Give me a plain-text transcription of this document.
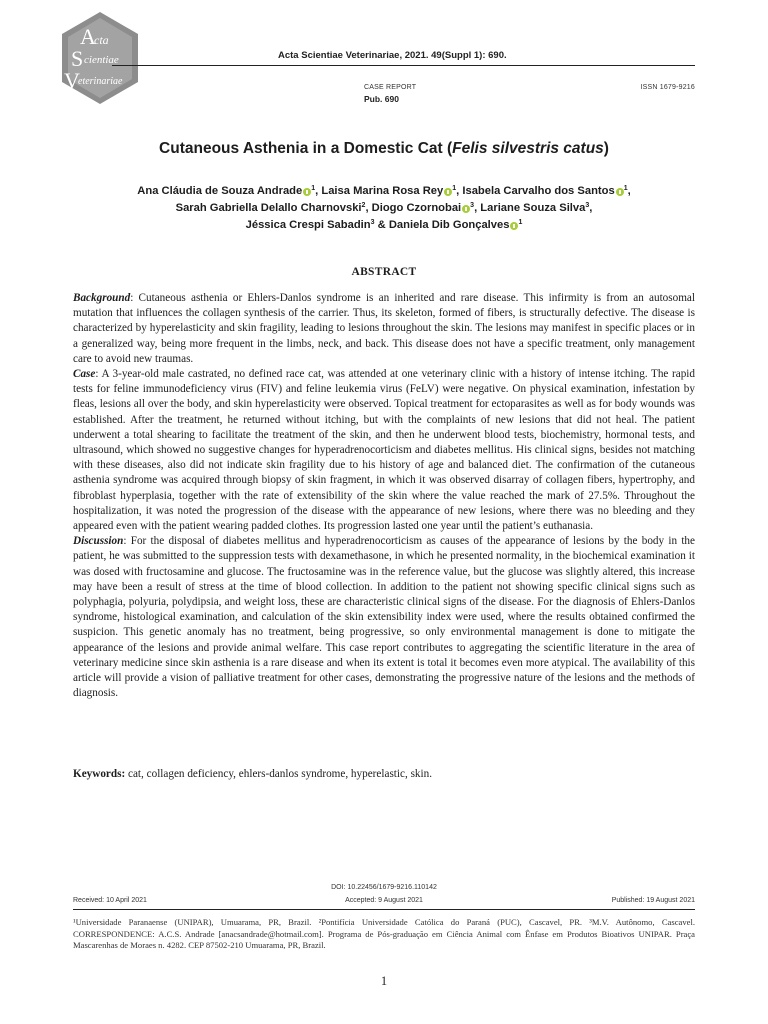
A
S
V
cta
cientiae
eterinariae
Acta Scientiae Veterinariae, 2021. 49(Suppl 1): 690.
CASE REPORT
Pub. 690
ISSN 1679-9216
Cutaneous Asthenia in a Domestic Cat (Felis silvestris catus)
Ana Cláudia de Souza Andrade $^1$, Laisa Marina Rosa Rey $^1$, Isabela Carvalho dos Santos $^1$,
Sarah Gabriella Delallo Charnovski$^2$, Diogo Czornobai $^3$, Lariane Souza Silva$^3$,
Jéssica Crespi Sabadin$^3$ & Daniela Dib Gonçalves $^1$
ABSTRACT

Background: Cutaneous asthenia or Ehlers-Danlos syndrome is an inherited and rare disease. This infirmity is from an autosomal mutation that influences the collagen synthesis of the carrier. Thus, its skeleton, formed of fibers, is structurally defective. The disease is characterized by hyperelasticity and skin fragility, leading to lesions throughout the skin. The lesions may manifest in specific places or in a generalized way, being more frequent in the limbs, neck, and back. This disease does not have a specific treatment, only management care to avoid new traumas.

Case: A 3-year-old male castrated, no defined race cat, was attended at one veterinary clinic with a history of intense itching. The rapid tests for feline immunodeficiency virus (FIV) and feline leukemia virus (FeLV) were negative. On physical examination, infestation by fleas, lesions all over the body, and skin hyperelasticity were observed. Topical treatment for ectoparasites as well as for body wounds was established. After the treatment, he returned without itching, but with the complaints of new lesions that did not heal. The patient underwent a total shearing to facilitate the treatment of the skin, and then he underwent blood tests, biochemistry, hormonal tests, and ultrasound, which showed no suggestive changes for hyperadrenocorticism and diabetes mellitus. His clinical signs, besides not matching with these diseases, also did not indicate skin fragility due to his history of age and balanced diet. The confirmation of the cutaneous asthenia syndrome was acquired through biopsy of skin fragment, in which it was observed disarray of collagen fibers, hypertrophy, and fibroblast hyperplasia, together with the rate of extensibility of the skin where the value reached the mark of 27.5%. Throughout the hospitalization, it was noted the progression of the disease with the appearance of new lesions, where there was no bleeding and they appeared even with the patient wearing padded clothes. Its progression lasted one year until the patient’s euthanasia.

Discussion: For the disposal of diabetes mellitus and hyperadrenocorticism as causes of the appearance of lesions by the body in the patient, he was submitted to the suppression tests with dexamethasone, in which he presented normality, in the biochemical examination it was dosed with fructosamine and glucose. The fructosamine was in the reference value, but the glucose was slightly altered, this increase may have been a result of stress at the time of blood collection. In addition to the patient not showing specific clinical signs such as polyphagia, polyuria, polydipsia, and weight loss, these are characteristic clinical signs of the disease. For the diagnosis of Ehlers-Danlos syndrome, histological examination, and calculation of the skin extensibility index were used, where the results obtained confirmed the suspicion. This genetic anomaly has no treatment, being progressive, so only environmental management is done to mitigate the appearance of the lesions and provide animal welfare. This case report contributes to aggregating the scientific literature in the area of veterinary medicine since skin asthenia is a rare disease and when its extent is total it becomes even more atypical. The availability of this article will provide a vision of palliative treatment for other cases, demonstrating the progressive nature of the lesions and the methods of diagnosis.

Keywords: cat, collagen deficiency, ehlers-danlos syndrome, hyperelastic, skin.
DOI: 10.22456/1679-9216.110142
Received: 10 April 2021	Accepted: 9 August 2021	Published: 19 August 2021
¹Universidade Paranaense (UNIPAR), Umuarama, PR, Brazil. ²Pontifícia Universidade Católica do Paraná (PUC), Cascavel, PR. ³M.V. Autônomo, Cascavel. CORRESPONDENCE: A.C.S. Andrade [anacsandrade@hotmail.com]. Programa de Pós-graduação em Ciência Animal com Ênfase em Produtos Bioativos UNIPAR. Praça Mascarenhas de Moraes n. 4282. CEP 87502-210 Umuarama, PR, Brazil.
1
